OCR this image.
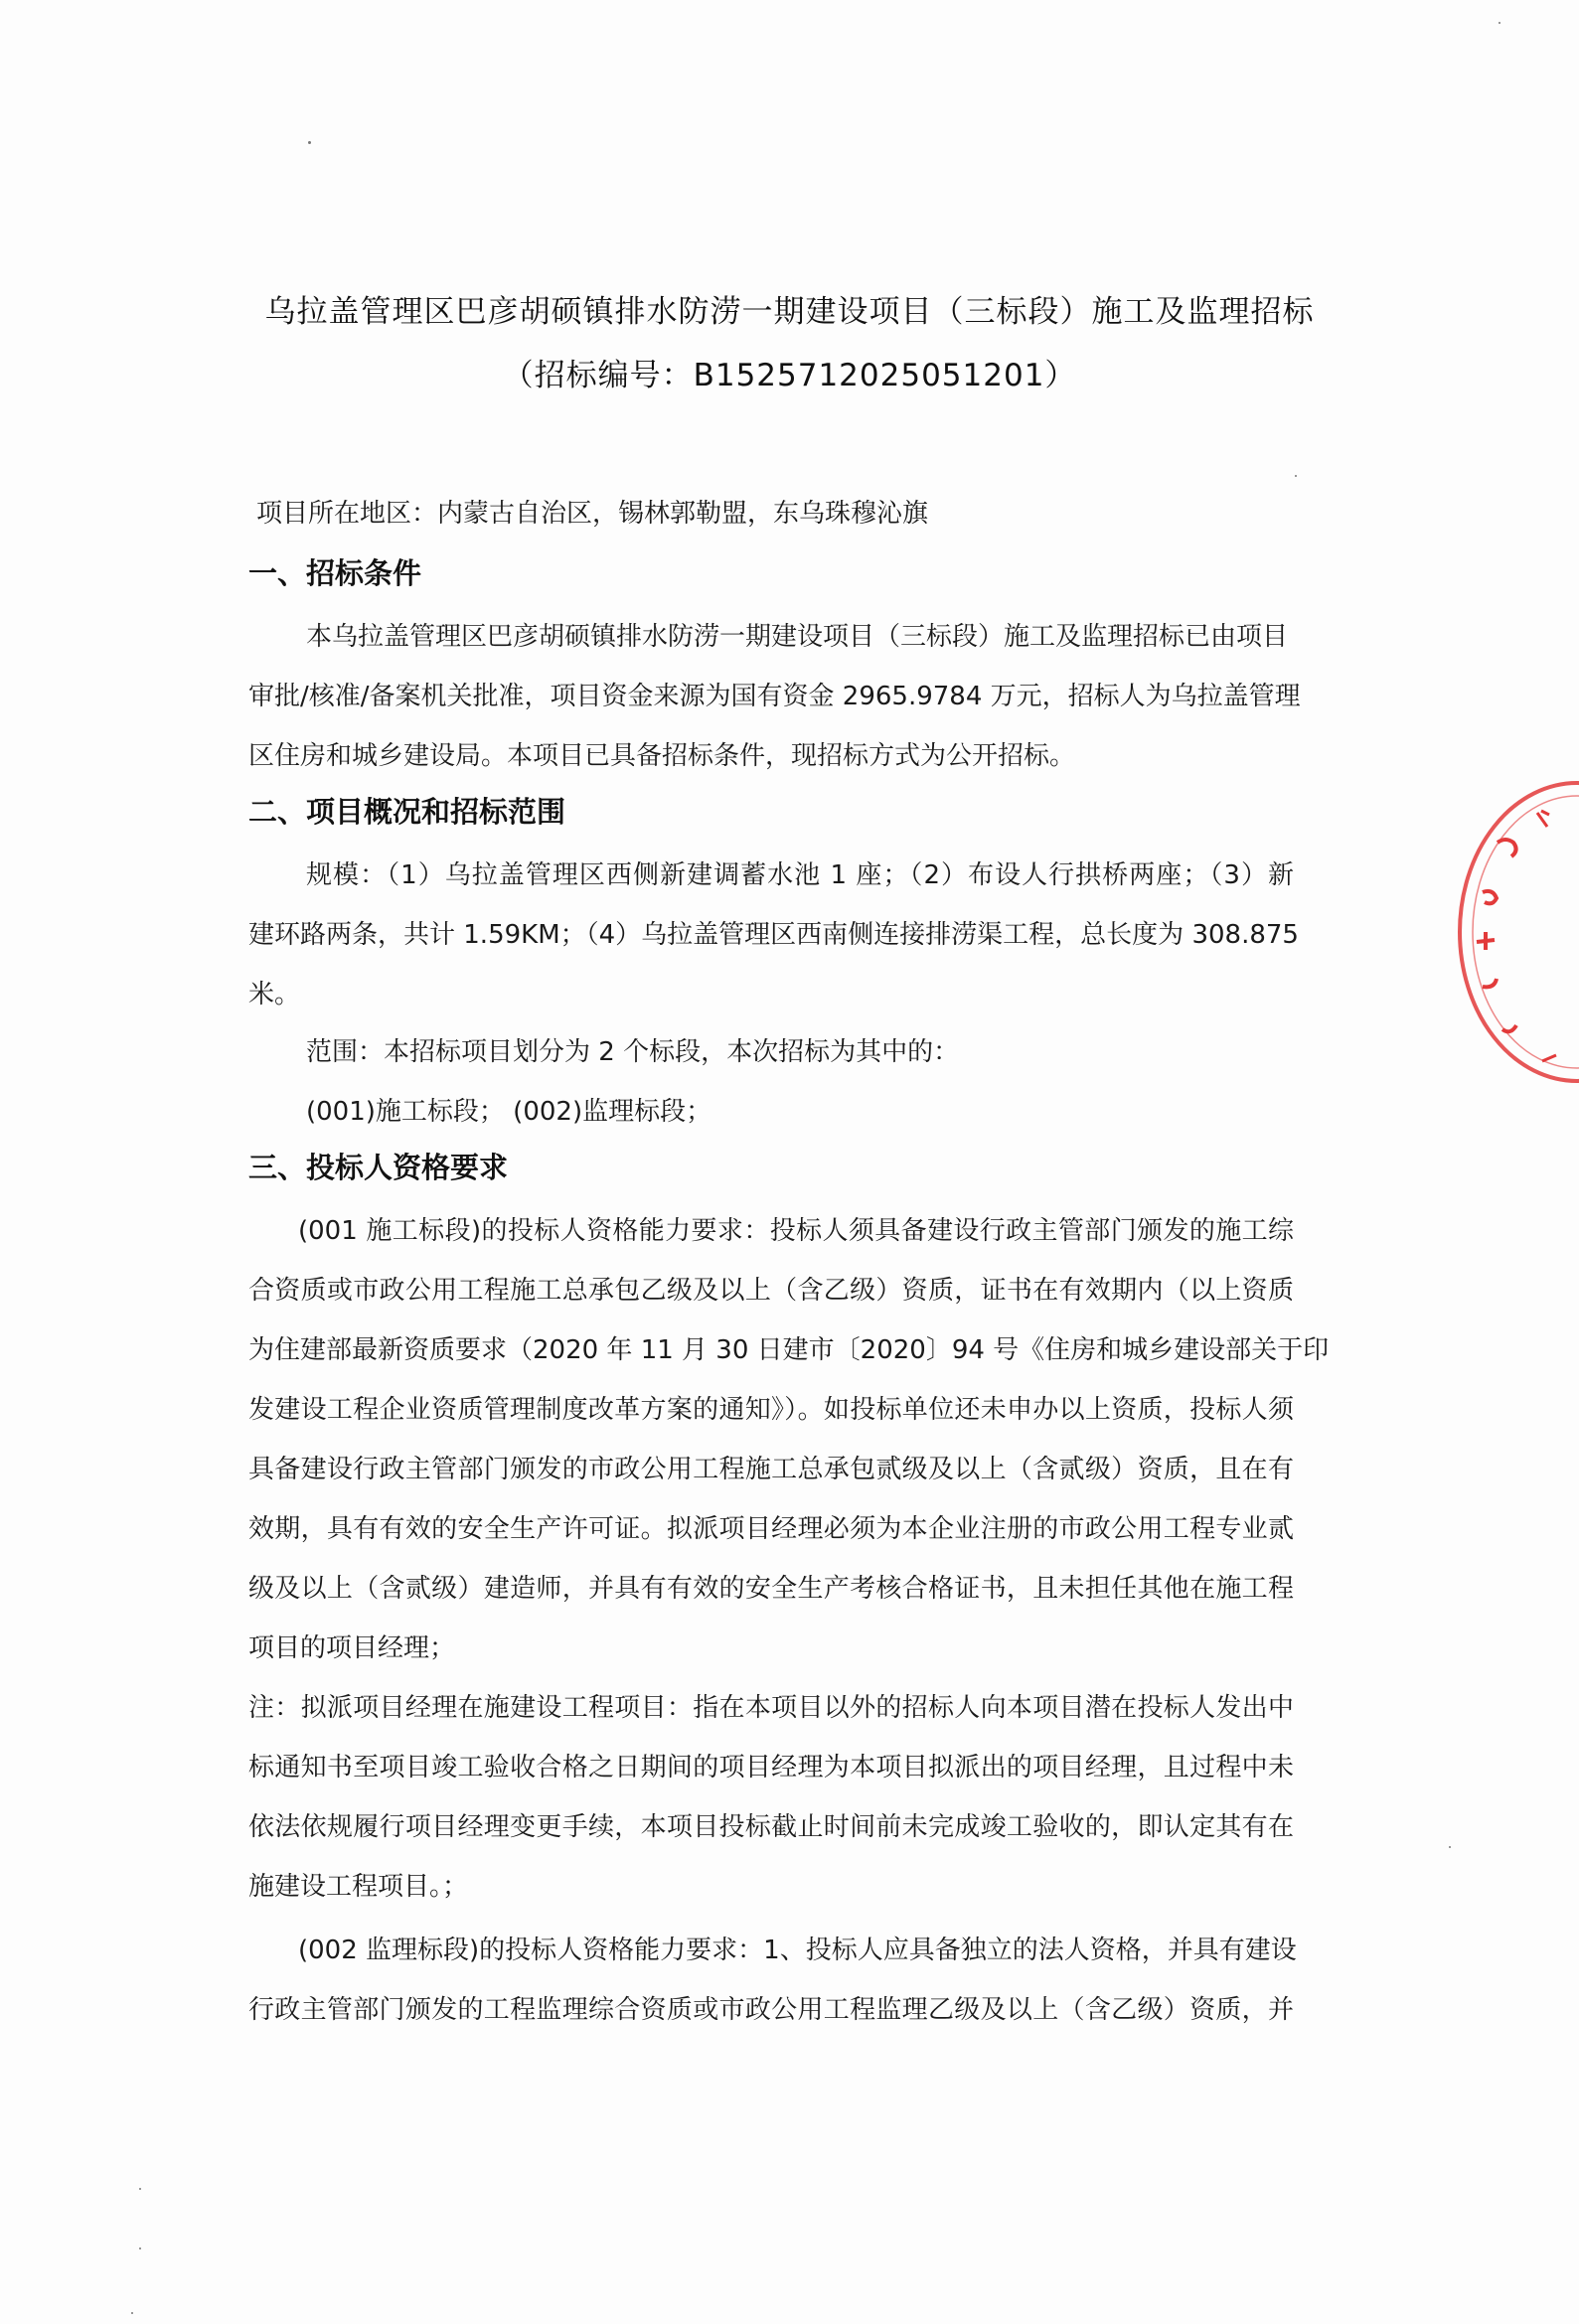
乌拉盖管理区巴彦胡硕镇排水防涝一期建设项目（三标段）施工及监理招标
（招标编号：B1525712025051201）
项目所在地区：内蒙古自治区，锡林郭勒盟，东乌珠穆沁旗
一、招标条件
本乌拉盖管理区巴彦胡硕镇排水防涝一期建设项目（三标段）施工及监理招标已由项目
审批/核准/备案机关批准，项目资金来源为国有资金 2965.9784 万元，招标人为乌拉盖管理
区住房和城乡建设局。本项目已具备招标条件，现招标方式为公开招标。
二、项目概况和招标范围
规模：（1）乌拉盖管理区西侧新建调蓄水池 1 座；（2）布设人行拱桥两座；（3）新
建环路两条，共计 1.59KM；（4）乌拉盖管理区西南侧连接排涝渠工程，总长度为 308.875
米。
范围：本招标项目划分为 2 个标段，本次招标为其中的：
(001)施工标段； (002)监理标段；
三、投标人资格要求
(001 施工标段)的投标人资格能力要求：投标人须具备建设行政主管部门颁发的施工综
合资质或市政公用工程施工总承包乙级及以上（含乙级）资质，证书在有效期内（以上资质
为住建部最新资质要求（2020 年 11 月 30 日建市〔2020〕94 号《住房和城乡建设部关于印
发建设工程企业资质管理制度改革方案的通知》）。如投标单位还未申办以上资质，投标人须
具备建设行政主管部门颁发的市政公用工程施工总承包贰级及以上（含贰级）资质，且在有
效期，具有有效的安全生产许可证。拟派项目经理必须为本企业注册的市政公用工程专业贰
级及以上（含贰级）建造师，并具有有效的安全生产考核合格证书，且未担任其他在施工程
项目的项目经理；
注：拟派项目经理在施建设工程项目：指在本项目以外的招标人向本项目潜在投标人发出中
标通知书至项目竣工验收合格之日期间的项目经理为本项目拟派出的项目经理，且过程中未
依法依规履行项目经理变更手续，本项目投标截止时间前未完成竣工验收的，即认定其有在
施建设工程项目。；
(002 监理标段)的投标人资格能力要求：1、投标人应具备独立的法人资格，并具有建设
行政主管部门颁发的工程监理综合资质或市政公用工程监理乙级及以上（含乙级）资质，并
